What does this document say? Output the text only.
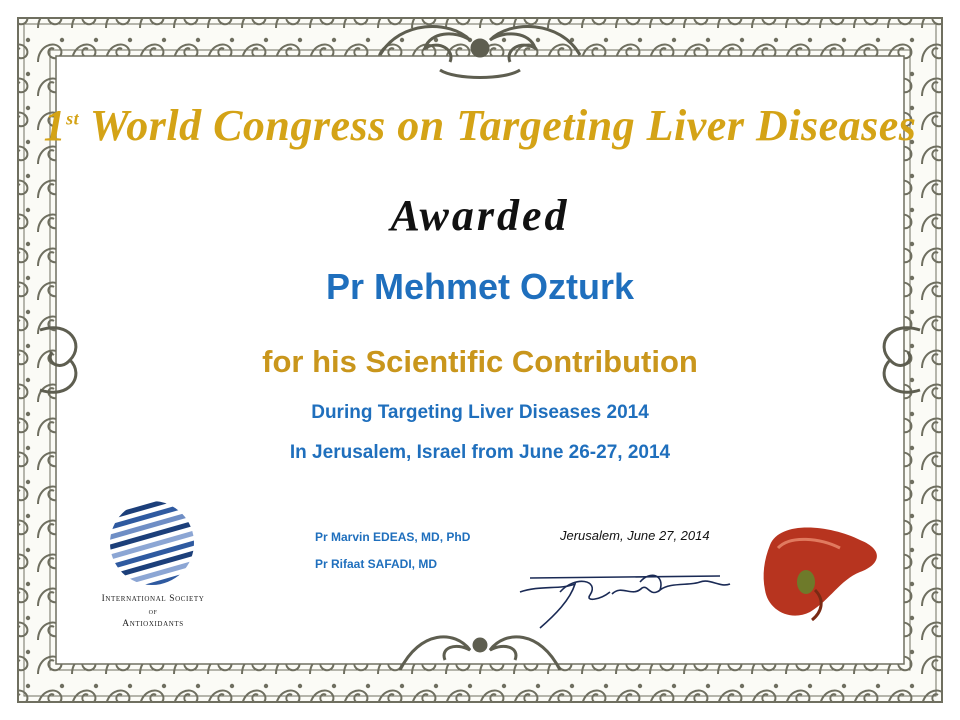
1st World Congress on Targeting Liver Diseases

Awarded

Pr Mehmet Ozturk

for his Scientific Contribution

During Targeting Liver Diseases 2014

In Jerusalem, Israel from June 26-27, 2014

Pr Marvin EDEAS, MD, PhD
Pr Rifaat SAFADI, MD
Jerusalem, June 27, 2014
International Society
of
Antioxidants
